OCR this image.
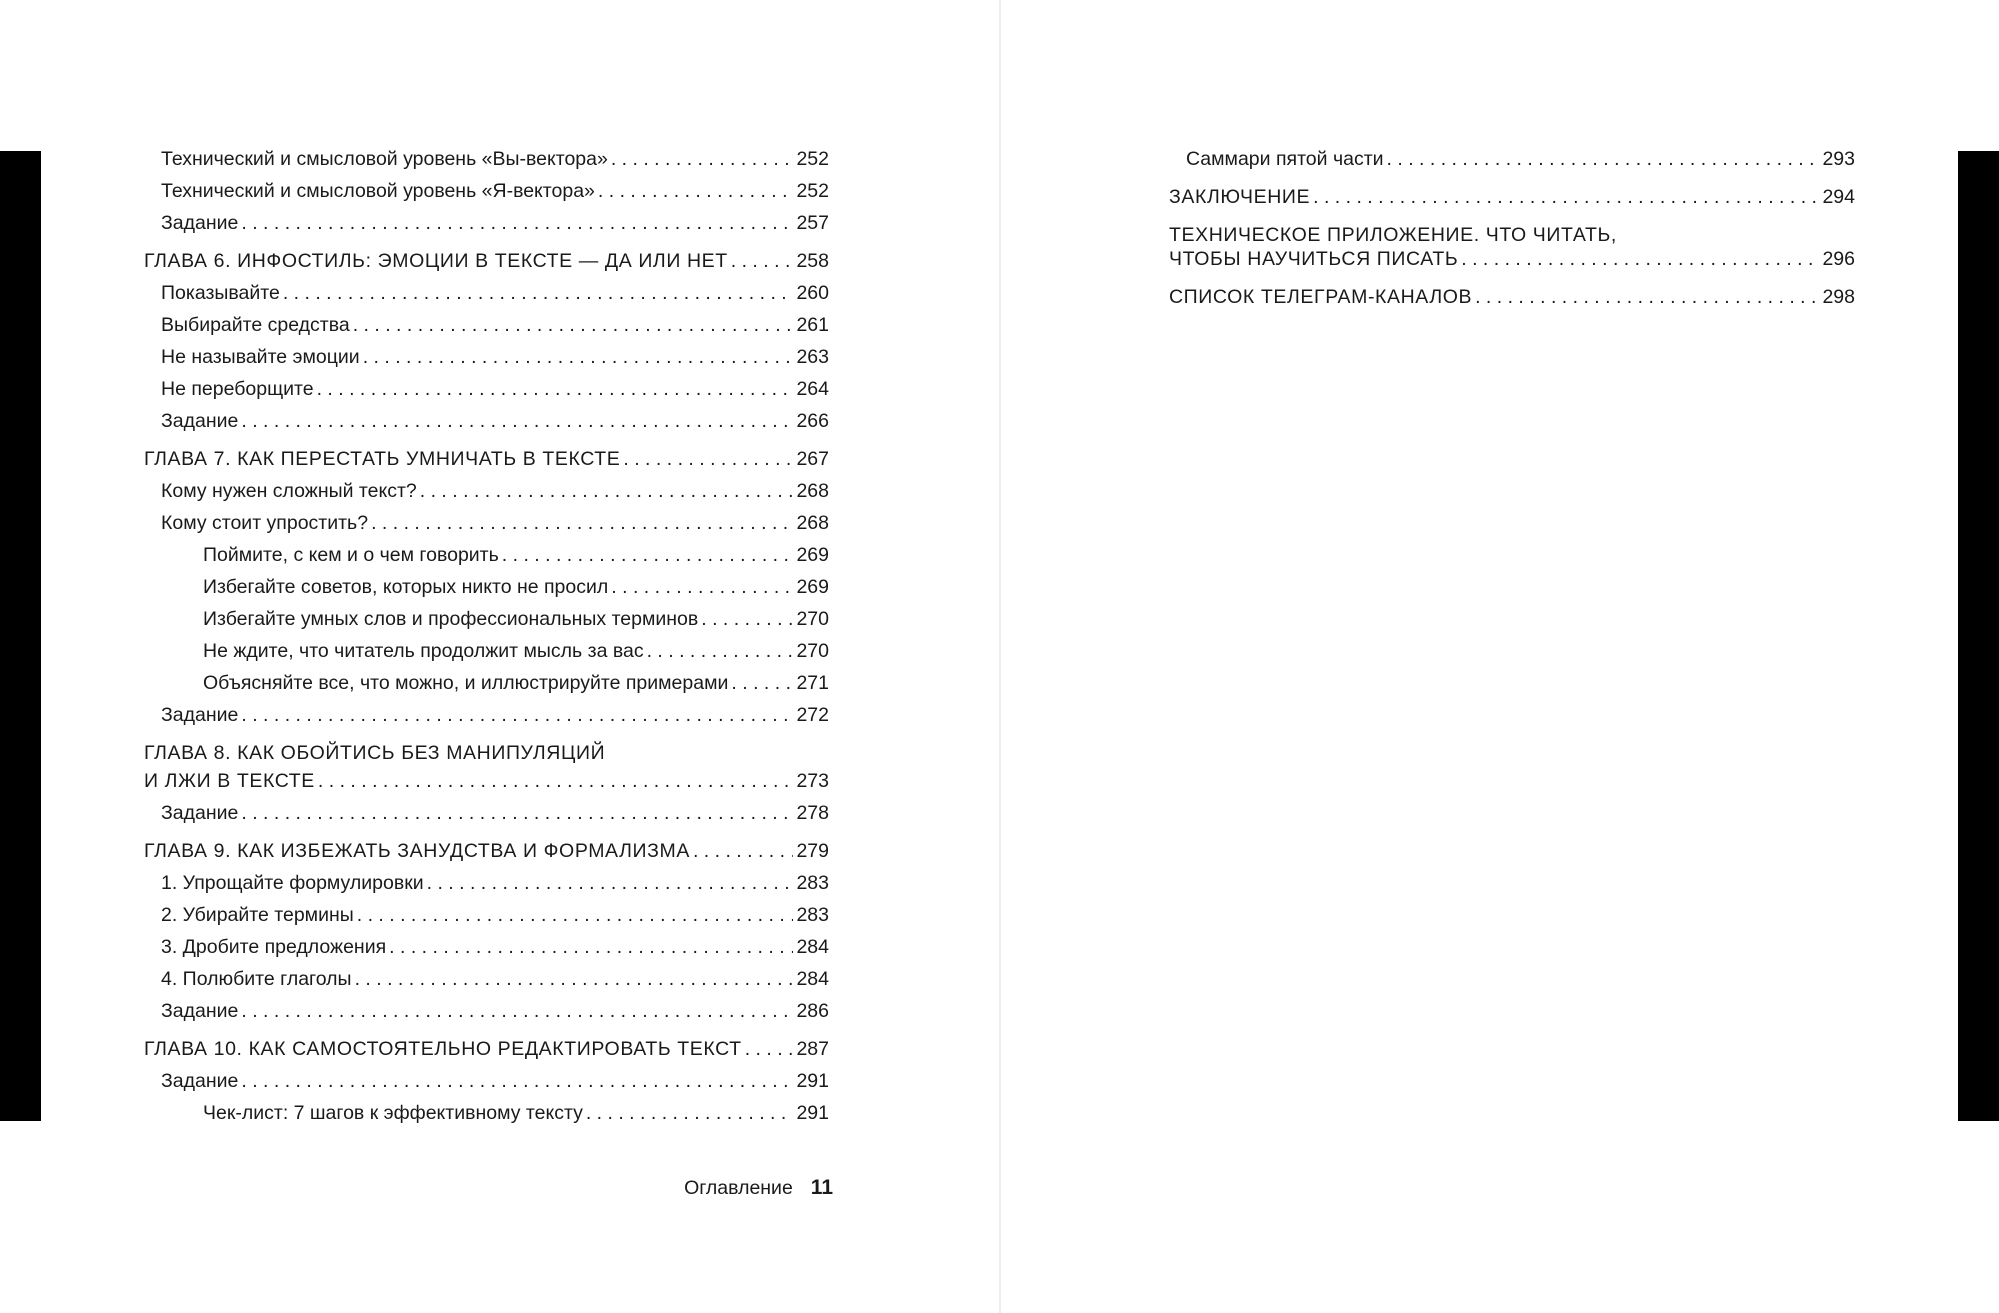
Технический и смысловой уровень «Вы-вектора» . . .	252
Технический и смысловой уровень «Я-вектора» . . .	252
Задание . . .	257
ГЛАВА 6. ИНФОСТИЛЬ: ЭМОЦИИ В ТЕКСТЕ — ДА ИЛИ НЕТ . . .	258
Показывайте . . .	260
Выбирайте средства . . .	261
Не называйте эмоции . . .	263
Не переборщите . . .	264
Задание . . .	266
ГЛАВА 7. КАК ПЕРЕСТАТЬ УМНИЧАТЬ В ТЕКСТЕ . . .	267
Кому нужен сложный текст? . . .	268
Кому стоит упростить? . . .	268
Поймите, с кем и о чем говорить . . .	269
Избегайте советов, которых никто не просил . . .	269
Избегайте умных слов и профессиональных терминов . . .	270
Не ждите, что читатель продолжит мысль за вас . . .	270
Объясняйте все, что можно, и иллюстрируйте примерами . . .	271
Задание . . .	272
ГЛАВА 8. КАК ОБОЙТИСЬ БЕЗ МАНИПУЛЯЦИЙ
И ЛЖИ В ТЕКСТЕ . . .	273
Задание . . .	278
ГЛАВА 9. КАК ИЗБЕЖАТЬ ЗАНУДСТВА И ФОРМАЛИЗМА . . .	279
1. Упрощайте формулировки . . .	283
2. Убирайте термины . . .	283
3. Дробите предложения . . .	284
4. Полюбите глаголы . . .	284
Задание . . .	286
ГЛАВА 10. КАК САМОСТОЯТЕЛЬНО РЕДАКТИРОВАТЬ ТЕКСТ . . .	287
Задание . . .	291
Чек-лист: 7 шагов к эффективному тексту . . .	291
Оглавление 11
Саммари пятой части . . .	293
ЗАКЛЮЧЕНИЕ . . .	294
ТЕХНИЧЕСКОЕ ПРИЛОЖЕНИЕ. ЧТО ЧИТАТЬ,
ЧТОБЫ НАУЧИТЬСЯ ПИСАТЬ . . .	296
СПИСОК ТЕЛЕГРАМ-КАНАЛОВ . . .	298
